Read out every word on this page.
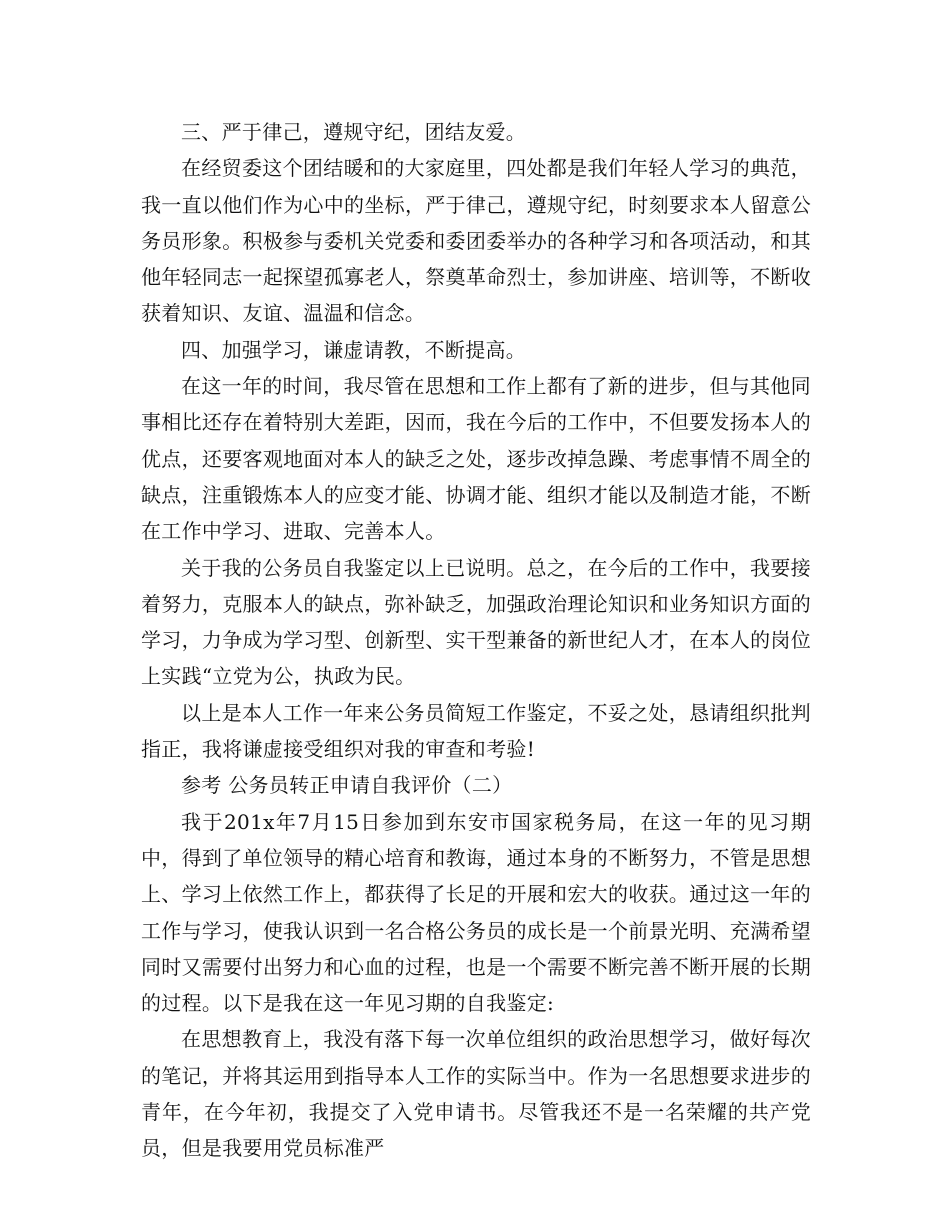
三、严于律己，遵规守纪，团结友爱。

在经贸委这个团结暖和的大家庭里，四处都是我们年轻人学习的典范，我一直以他们作为心中的坐标，严于律己，遵规守纪，时刻要求本人留意公务员形象。积极参与委机关党委和委团委举办的各种学习和各项活动，和其他年轻同志一起探望孤寡老人，祭奠革命烈士，参加讲座、培训等，不断收获着知识、友谊、温温和信念。

四、加强学习，谦虚请教，不断提高。

在这一年的时间，我尽管在思想和工作上都有了新的进步，但与其他同事相比还存在着特别大差距，因而，我在今后的工作中，不但要发扬本人的优点，还要客观地面对本人的缺乏之处，逐步改掉急躁、考虑事情不周全的缺点，注重锻炼本人的应变才能、协调才能、组织才能以及制造才能，不断在工作中学习、进取、完善本人。

关于我的公务员自我鉴定以上已说明。总之，在今后的工作中，我要接着努力，克服本人的缺点，弥补缺乏，加强政治理论知识和业务知识方面的学习，力争成为学习型、创新型、实干型兼备的新世纪人才，在本人的岗位上实践“立党为公，执政为民。

以上是本人工作一年来公务员简短工作鉴定，不妥之处，恳请组织批判指正，我将谦虚接受组织对我的审查和考验!

参考 公务员转正申请自我评价（二）

我于201x年7月15日参加到东安市国家税务局，在这一年的见习期中，得到了单位领导的精心培育和教诲，通过本身的不断努力，不管是思想上、学习上依然工作上，都获得了长足的开展和宏大的收获。通过这一年的工作与学习，使我认识到一名合格公务员的成长是一个前景光明、充满希望同时又需要付出努力和心血的过程，也是一个需要不断完善不断开展的长期的过程。以下是我在这一年见习期的自我鉴定:

在思想教育上，我没有落下每一次单位组织的政治思想学习，做好每次的笔记，并将其运用到指导本人工作的实际当中。作为一名思想要求进步的青年，在今年初，我提交了入党申请书。尽管我还不是一名荣耀的共产党员，但是我要用党员标准严
